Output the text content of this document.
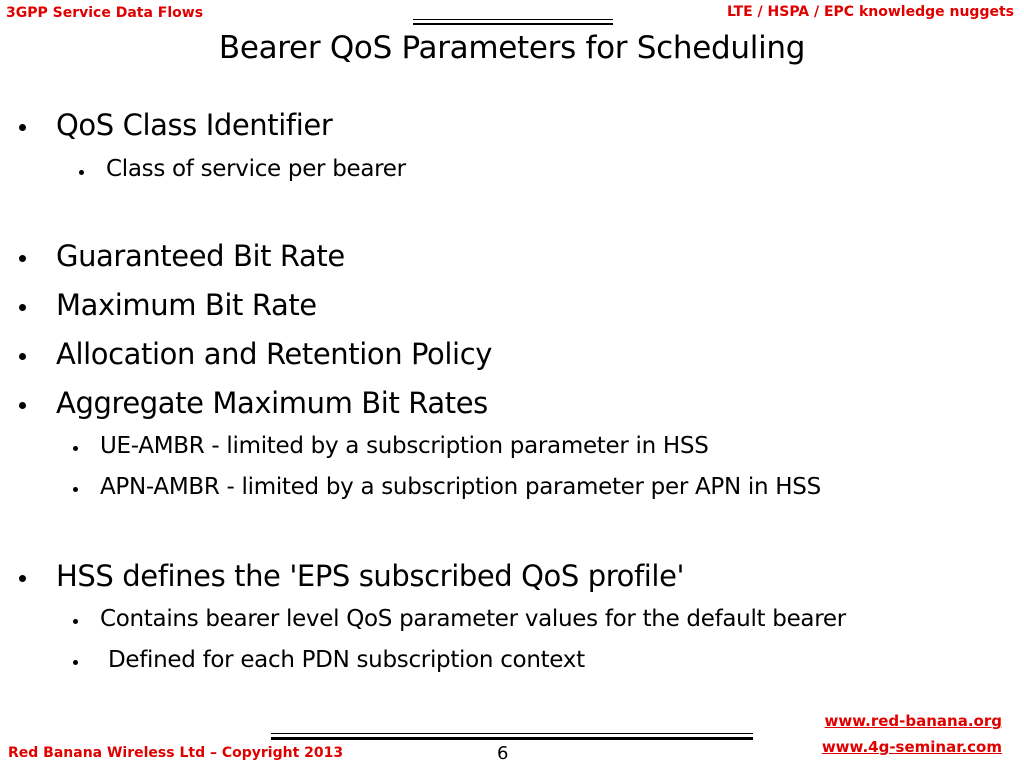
3GPP Service Data Flows	LTE / HSPA / EPC knowledge nuggets
Bearer QoS Parameters for Scheduling
QoS Class Identifier
Class of service per bearer
Guaranteed Bit Rate
Maximum Bit Rate
Allocation and Retention Policy
Aggregate Maximum Bit Rates
UE-AMBR - limited by a subscription parameter in HSS
APN-AMBR - limited by a subscription parameter per APN in HSS
HSS defines the 'EPS subscribed QoS profile'
Contains bearer level QoS parameter values for the default bearer
Defined for each PDN subscription context
Red Banana Wireless Ltd – Copyright 2013	6
www.red-banana.org
www.4g-seminar.com
